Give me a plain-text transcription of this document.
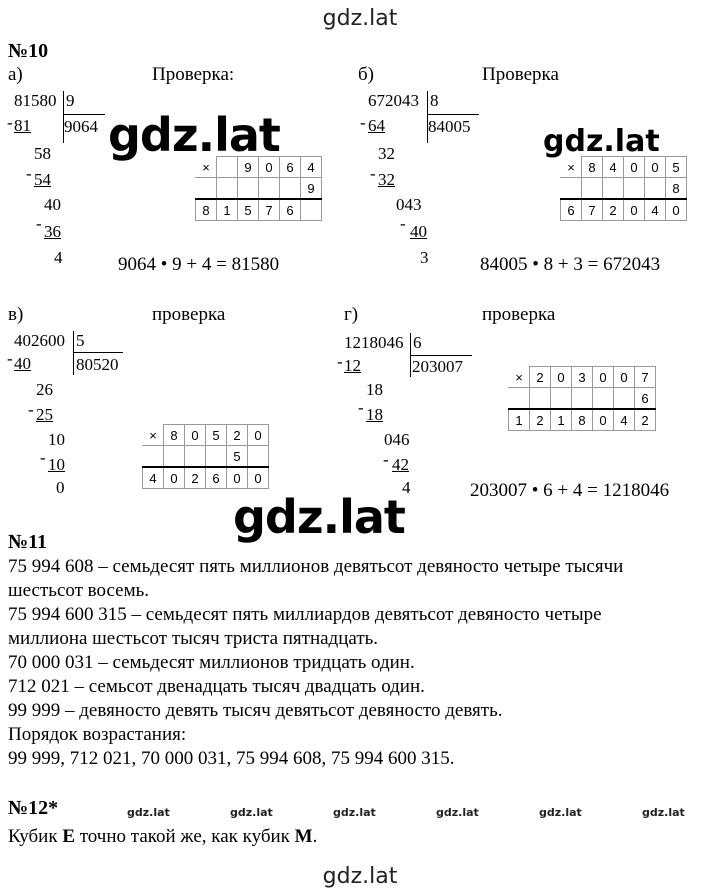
gdz.lat
gdz.lat	gdz.lat
gdz.lat
gdz.lat
№10
а)	Проверка:
81580 9
9064
- 81
58
- 54
40
- 36
4
×		9	0	6	4
					9
8	1	5	7	6	
9064 • 9 + 4 = 81580
б)	Проверка
672043 8
84005
- 64
32
- 32
043
- 40
3
×	8	4	0	0	5
					8
6	7	2	0	4	0
84005 • 8 + 3 = 672043
в)	проверка
402600 5
80520
- 40
26
- 25
10
- 10
0
×	8	0	5	2	0
				5	
4	0	2	6	0	0
г)	проверка
1218046 6
203007
- 12
18
- 18
046
- 42
4
×	2	0	3	0	0	7
						6
1	2	1	8	0	4	2
203007 • 6 + 4 = 1218046
№11
75 994 608 – семьдесят пять миллионов девятьсот девяносто четыре тысячи
шестьсот восемь.
75 994 600 315 – семьдесят пять миллиардов девятьсот девяносто четыре
миллиона шестьсот тысяч триста пятнадцать.
70 000 031 – семьдесят миллионов тридцать один.
712 021 – семьсот двенадцать тысяч двадцать один.
99 999 – девяносто девять тысяч девятьсот девяносто девять.
Порядок возрастания:
99 999, 712 021, 70 000 031, 75 994 608, 75 994 600 315.
№12*	gdz.lat	gdz.lat	gdz.lat	gdz.lat	gdz.lat	gdz.lat
Кубик Е точно такой же, как кубик М.
